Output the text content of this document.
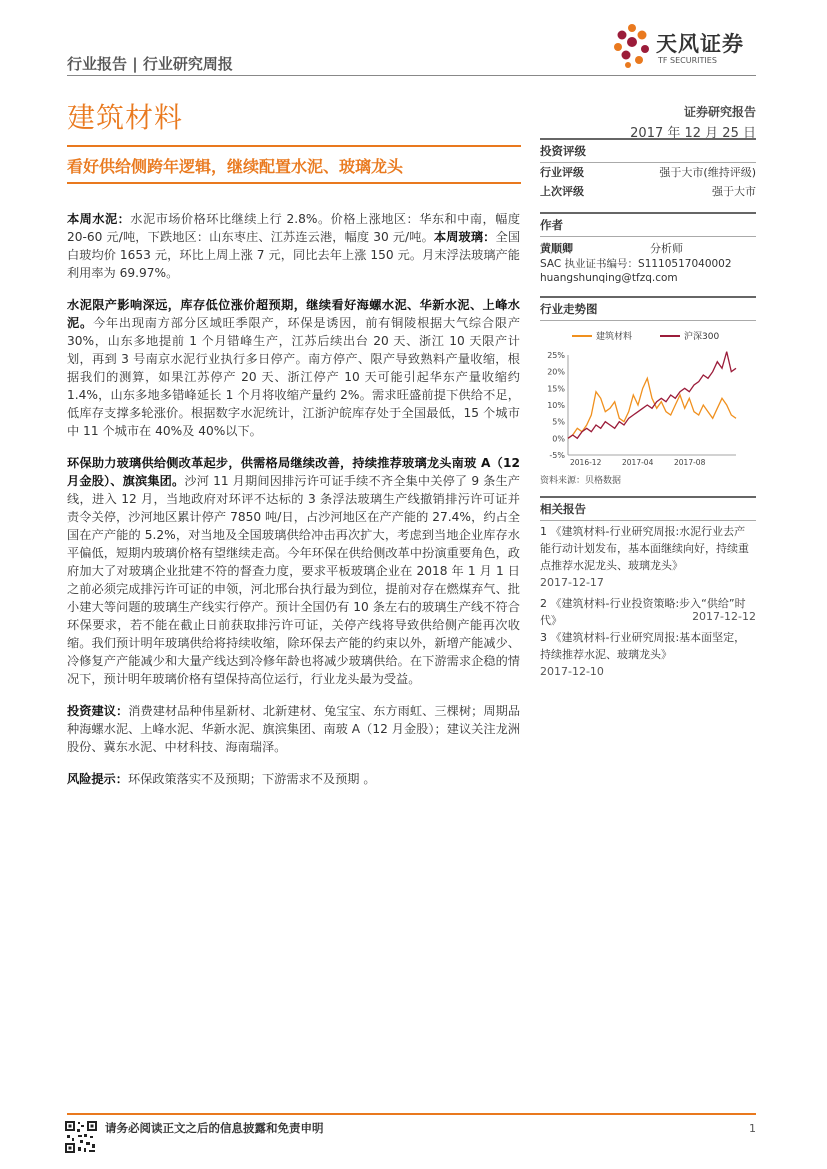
行业报告 | 行业研究周报
天风证券
TF SECURITIES
建筑材料	证券研究报告
2017 年 12 月 25 日
看好供给侧跨年逻辑，继续配置水泥、玻璃龙头

本周水泥：水泥市场价格环比继续上行 2.8%。价格上涨地区：华东和中南，幅度 20-60 元/吨，下跌地区：山东枣庄、江苏连云港，幅度 30 元/吨。本周玻璃：全国白玻均价 1653 元，环比上周上涨 7 元，同比去年上涨 150 元。月末浮法玻璃产能利用率为 69.97%。

水泥限产影响深远，库存低位涨价超预期，继续看好海螺水泥、华新水泥、上峰水泥。今年出现南方部分区域旺季限产，环保是诱因，前有铜陵根据大气综合限产 30%，山东多地提前 1 个月错峰生产，江苏后续出台 20 天、浙江 10 天限产计划，再到 3 号南京水泥行业执行多日停产。南方停产、限产导致熟料产量收缩，根据我们的测算，如果江苏停产 20 天、浙江停产 10 天可能引起华东产量收缩约 1.4%，山东多地多错峰延长 1 个月将收缩产量约 2%。需求旺盛前提下供给不足，低库存支撑多轮涨价。根据数字水泥统计，江浙沪皖库存处于全国最低，15 个城市中 11 个城市在 40%及 40%以下。

环保助力玻璃供给侧改革起步，供需格局继续改善，持续推荐玻璃龙头南玻 A（12 月金股）、旗滨集团。沙河 11 月期间因排污许可证手续不齐全集中关停了 9 条生产线，进入 12 月，当地政府对环评不达标的 3 条浮法玻璃生产线撤销排污许可证并责令关停，沙河地区累计停产 7850 吨/日，占沙河地区在产产能的 27.4%，约占全国在产产能的 5.2%，对当地及全国玻璃供给冲击再次扩大，考虑到当地企业库存水平偏低，短期内玻璃价格有望继续走高。今年环保在供给侧改革中扮演重要角色，政府加大了对玻璃企业批建不符的督查力度，要求平板玻璃企业在 2018 年 1 月 1 日之前必须完成排污许可证的申领，河北邢台执行最为到位，提前对存在燃煤弃气、批小建大等问题的玻璃生产线实行停产。预计全国仍有 10 条左右的玻璃生产线不符合环保要求，若不能在截止日前获取排污许可证，关停产线将导致供给侧产能再次收缩。我们预计明年玻璃供给将持续收缩，除环保去产能的约束以外，新增产能减少、冷修复产产能减少和大量产线达到冷修年龄也将减少玻璃供给。在下游需求企稳的情况下，预计明年玻璃价格有望保持高位运行，行业龙头最为受益。

投资建议：消费建材品种伟星新材、北新建材、兔宝宝、东方雨虹、三棵树；周期品种海螺水泥、上峰水泥、华新水泥、旗滨集团、南玻 A（12 月金股）；建议关注龙洲股份、冀东水泥、中材科技、海南瑞泽。

风险提示：环保政策落实不及预期；下游需求不及预期 。

投资评级
行业评级	强于大市(维持评级)
上次评级	强于大市
作者
黄顺卿	分析师
SAC 执业证书编号：S1110517040002
huangshunqing@tfzq.com
行业走势图
建筑材料	沪深300
25%
20%
15%
10%
5%
0%
-5%
2016-12	2017-04	2017-08
资料来源：贝格数据
相关报告
1 《建筑材料-行业研究周报:水泥行业去产能行动计划发布，基本面继续向好，持续重点推荐水泥龙头、玻璃龙头》
2017-12-17
2 《建筑材料-行业投资策略:步入“供给”时代》	2017-12-12
3 《建筑材料-行业研究周报:基本面坚定，持续推荐水泥、玻璃龙头》
2017-12-10
请务必阅读正文之后的信息披露和免责申明	1
